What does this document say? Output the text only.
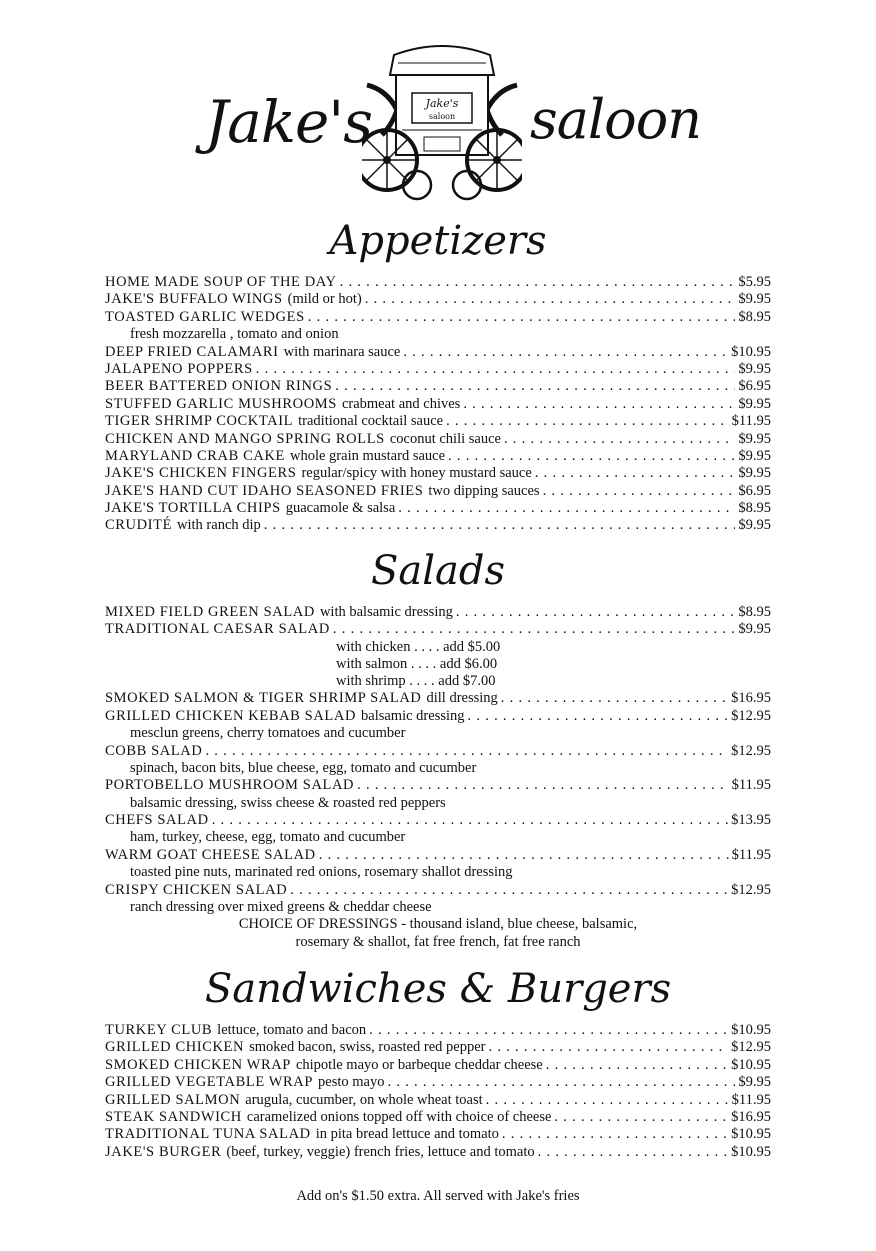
Jake's	Jake's
saloon saloon
Appetizers
HOME MADE SOUP OF THE DAY . . .	$5.95
JAKE'S BUFFALO WINGS (mild or hot) . . .	$9.95
TOASTED GARLIC WEDGES . . .	$8.95
fresh mozzarella , tomato and onion
DEEP FRIED CALAMARI with marinara sauce . . .	$10.95
JALAPENO POPPERS . . .	$9.95
BEER BATTERED ONION RINGS . . .	$6.95
STUFFED GARLIC MUSHROOMS crabmeat and chives . . .	$9.95
TIGER SHRIMP COCKTAIL traditional cocktail sauce . . .	$11.95
CHICKEN AND MANGO SPRING ROLLS coconut chili sauce . . .	$9.95
MARYLAND CRAB CAKE whole grain mustard sauce . . .	$9.95
JAKE'S CHICKEN FINGERS regular/spicy with honey mustard sauce . . .	$9.95
JAKE'S HAND CUT IDAHO SEASONED FRIES two dipping sauces . . .	$6.95
JAKE'S TORTILLA CHIPS guacamole & salsa . . .	$8.95
CRUDITÉ with ranch dip . . .	$9.95
Salads
MIXED FIELD GREEN SALAD with balsamic dressing . . .	$8.95
TRADITIONAL CAESAR SALAD . . .	$9.95
with chicken . . . . add $5.00
with salmon . . . . add $6.00
with shrimp . . . . add $7.00
SMOKED SALMON & TIGER SHRIMP SALAD dill dressing . . .	$16.95
GRILLED CHICKEN KEBAB SALAD balsamic dressing . . .	$12.95
mesclun greens, cherry tomatoes and cucumber
COBB SALAD . . .	$12.95
spinach, bacon bits, blue cheese, egg, tomato and cucumber
PORTOBELLO MUSHROOM SALAD . . .	$11.95
balsamic dressing, swiss cheese & roasted red peppers
CHEFS SALAD . . .	$13.95
ham, turkey, cheese, egg, tomato and cucumber
WARM GOAT CHEESE SALAD . . .	$11.95
toasted pine nuts, marinated red onions, rosemary shallot dressing
CRISPY CHICKEN SALAD . . .	$12.95
ranch dressing over mixed greens & cheddar cheese
CHOICE OF DRESSINGS - thousand island, blue cheese, balsamic,
rosemary & shallot, fat free french, fat free ranch
Sandwiches & Burgers
TURKEY CLUB lettuce, tomato and bacon . . .	$10.95
GRILLED CHICKEN smoked bacon, swiss, roasted red pepper . . .	$12.95
SMOKED CHICKEN WRAP chipotle mayo or barbeque cheddar cheese . . .	$10.95
GRILLED VEGETABLE WRAP pesto mayo . . .	$9.95
GRILLED SALMON arugula, cucumber, on whole wheat toast . . .	$11.95
STEAK SANDWICH caramelized onions topped off with choice of cheese . . .	$16.95
TRADITIONAL TUNA SALAD in pita bread lettuce and tomato . . .	$10.95
JAKE'S BURGER (beef, turkey, veggie) french fries, lettuce and tomato . . .	$10.95
Add on's $1.50 extra. All served with Jake's fries
